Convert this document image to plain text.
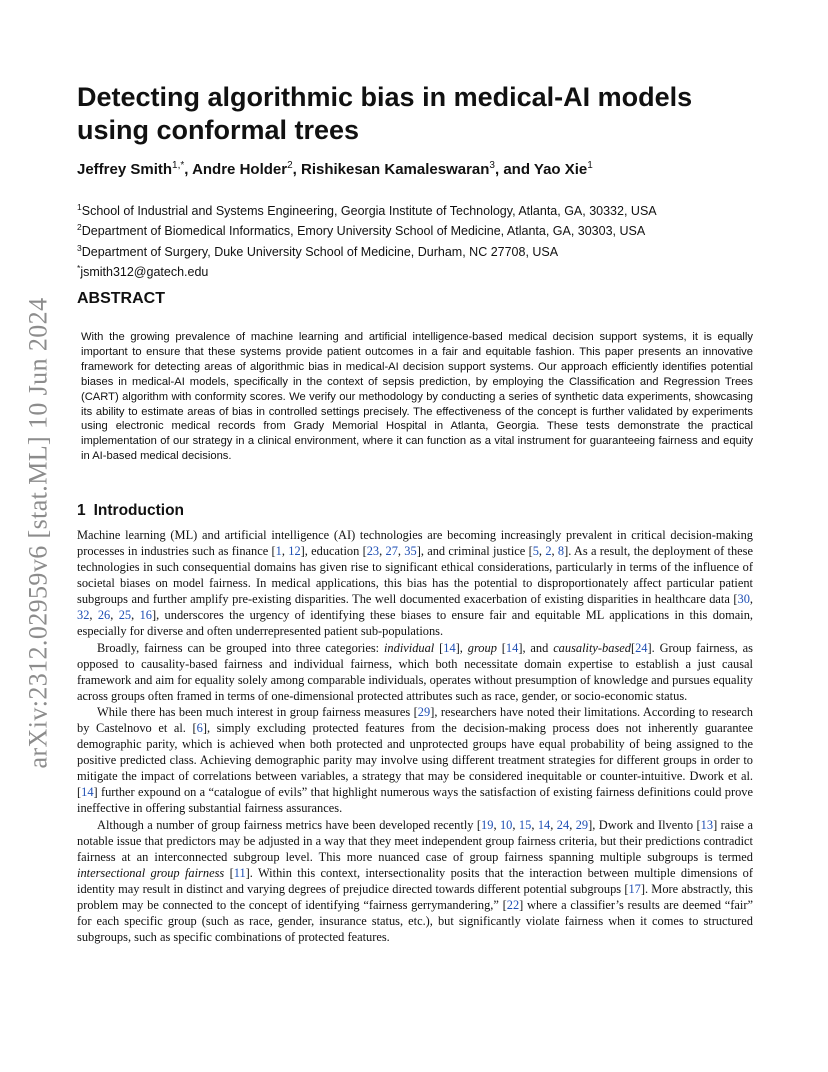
arXiv:2312.02959v6 [stat.ML] 10 Jun 2024
Detecting algorithmic bias in medical-AI models using conformal trees
Jeffrey Smith$^{1,*}$, Andre Holder$^2$, Rishikesan Kamaleswaran$^3$, and Yao Xie$^1$
$^1$School of Industrial and Systems Engineering, Georgia Institute of Technology, Atlanta, GA, 30332, USA
$^2$Department of Biomedical Informatics, Emory University School of Medicine, Atlanta, GA, 30303, USA
$^3$Department of Surgery, Duke University School of Medicine, Durham, NC 27708, USA
*jsmith312@gatech.edu
ABSTRACT

With the growing prevalence of machine learning and artificial intelligence-based medical decision support systems, it is equally important to ensure that these systems provide patient outcomes in a fair and equitable fashion. This paper presents an innovative framework for detecting areas of algorithmic bias in medical-AI decision support systems. Our approach efficiently identifies potential biases in medical-AI models, specifically in the context of sepsis prediction, by employing the Classification and Regression Trees (CART) algorithm with conformity scores. We verify our methodology by conducting a series of synthetic data experiments, showcasing its ability to estimate areas of bias in controlled settings precisely. The effectiveness of the concept is further validated by experiments using electronic medical records from Grady Memorial Hospital in Atlanta, Georgia. These tests demonstrate the practical implementation of our strategy in a clinical environment, where it can function as a vital instrument for guaranteeing fairness and equity in AI-based medical decisions.

1 Introduction

Machine learning (ML) and artificial intelligence (AI) technologies are becoming increasingly prevalent in critical decision-making processes in industries such as finance [1, 12], education [23, 27, 35], and criminal justice [5, 2, 8]. As a result, the deployment of these technologies in such consequential domains has given rise to significant ethical considerations, particularly in terms of the influence of societal biases on model fairness. In medical applications, this bias has the potential to disproportionately affect particular patient subgroups and further amplify pre-existing disparities. The well documented exacerbation of existing disparities in healthcare data [30, 32, 26, 25, 16], underscores the urgency of identifying these biases to ensure fair and equitable ML applications in this domain, especially for diverse and often underrepresented patient sub-populations.

Broadly, fairness can be grouped into three categories: individual [14], group [14], and causality-based[24]. Group fairness, as opposed to causality-based fairness and individual fairness, which both necessitate domain expertise to establish a just causal framework and aim for equality solely among comparable individuals, operates without presumption of knowledge and pursues equality across groups often framed in terms of one-dimensional protected attributes such as race, gender, or socio-economic status.

While there has been much interest in group fairness measures [29], researchers have noted their limitations. According to research by Castelnovo et al. [6], simply excluding protected features from the decision-making process does not inherently guarantee demographic parity, which is achieved when both protected and unprotected groups have equal probability of being assigned to the positive predicted class. Achieving demographic parity may involve using different treatment strategies for different groups in order to mitigate the impact of correlations between variables, a strategy that may be considered inequitable or counter-intuitive. Dwork et al. [14] further expound on a “catalogue of evils” that highlight numerous ways the satisfaction of existing fairness definitions could prove ineffective in offering substantial fairness assurances.

Although a number of group fairness metrics have been developed recently [19, 10, 15, 14, 24, 29], Dwork and Ilvento [13] raise a notable issue that predictors may be adjusted in a way that they meet independent group fairness criteria, but their predictions contradict fairness at an interconnected subgroup level. This more nuanced case of group fairness spanning multiple subgroups is termed intersectional group fairness [11]. Within this context, intersectionality posits that the interaction between multiple dimensions of identity may result in distinct and varying degrees of prejudice directed towards different potential subgroups [17]. More abstractly, this problem may be connected to the concept of identifying “fairness gerrymandering,” [22] where a classifier’s results are deemed “fair” for each specific group (such as race, gender, insurance status, etc.), but significantly violate fairness when it comes to structured subgroups, such as specific combinations of protected features.
